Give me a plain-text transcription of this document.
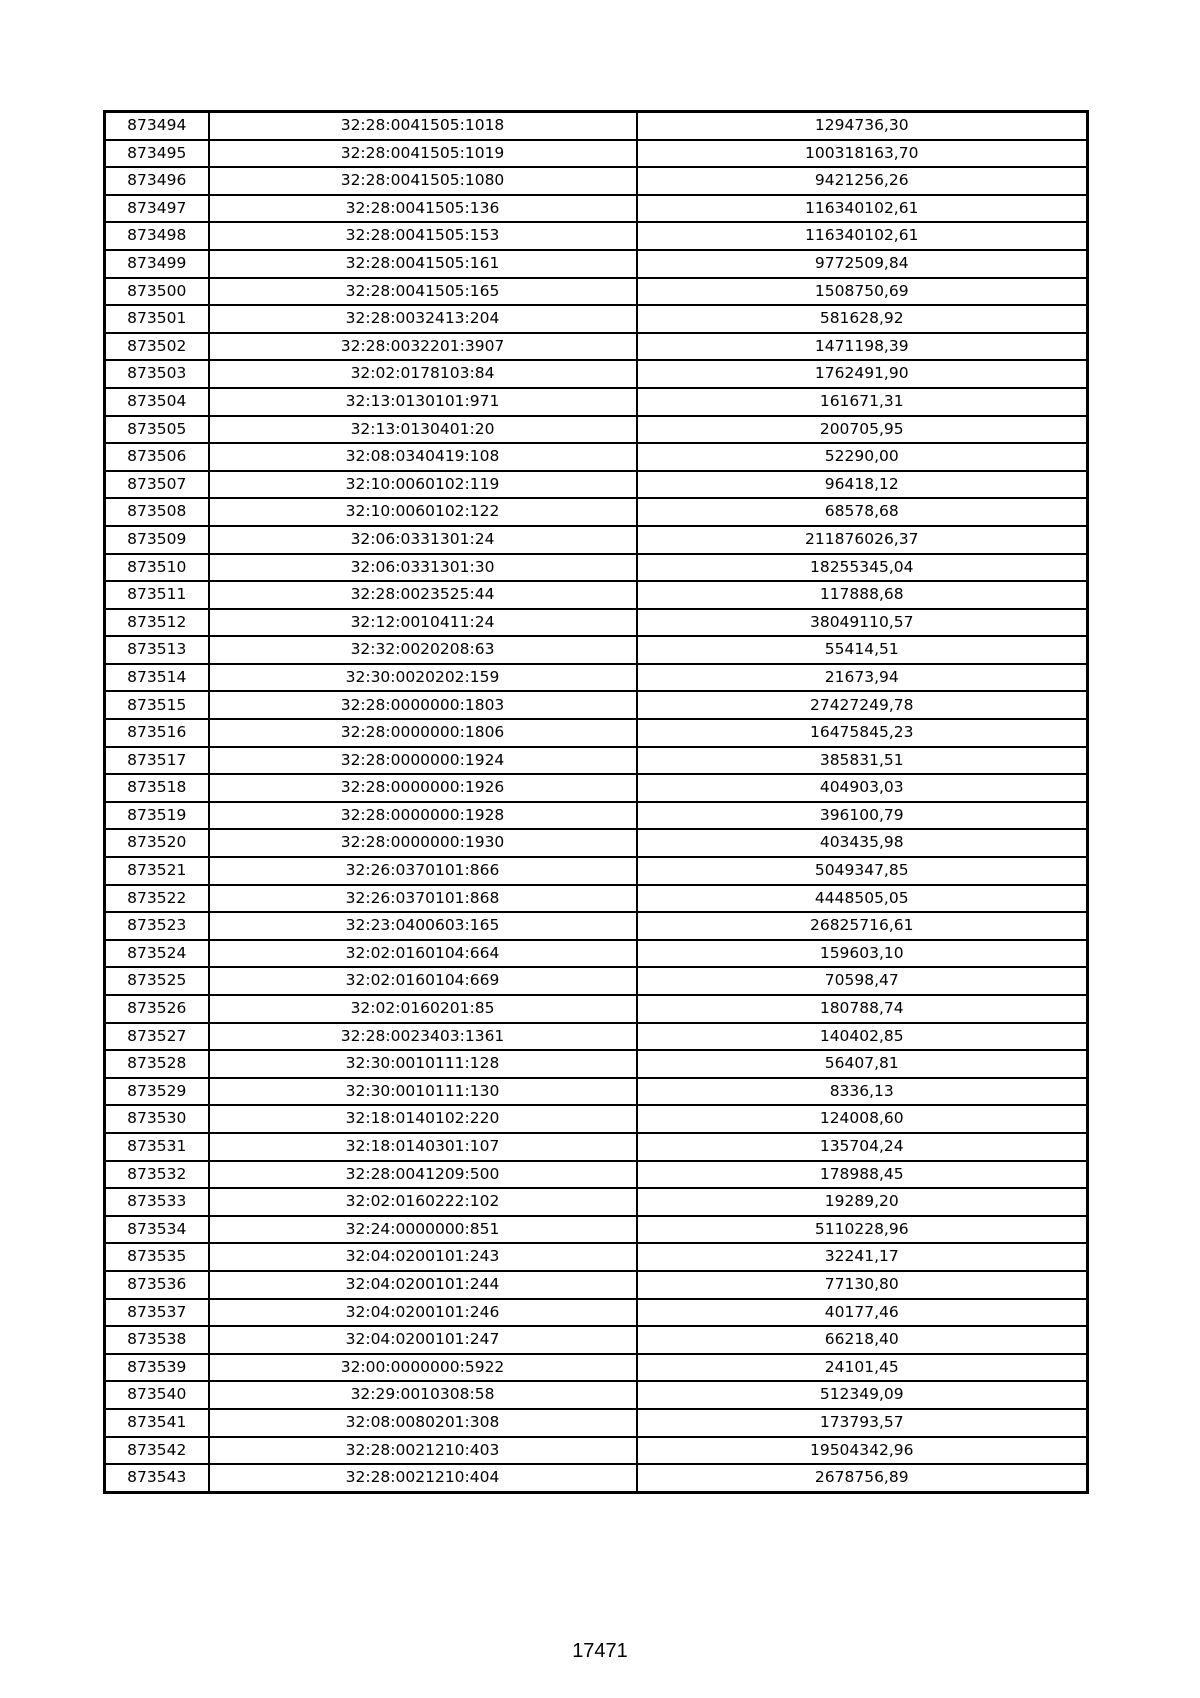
873494	32:28:0041505:1018	1294736,30
873495	32:28:0041505:1019	100318163,70
873496	32:28:0041505:1080	9421256,26
873497	32:28:0041505:136	116340102,61
873498	32:28:0041505:153	116340102,61
873499	32:28:0041505:161	9772509,84
873500	32:28:0041505:165	1508750,69
873501	32:28:0032413:204	581628,92
873502	32:28:0032201:3907	1471198,39
873503	32:02:0178103:84	1762491,90
873504	32:13:0130101:971	161671,31
873505	32:13:0130401:20	200705,95
873506	32:08:0340419:108	52290,00
873507	32:10:0060102:119	96418,12
873508	32:10:0060102:122	68578,68
873509	32:06:0331301:24	211876026,37
873510	32:06:0331301:30	18255345,04
873511	32:28:0023525:44	117888,68
873512	32:12:0010411:24	38049110,57
873513	32:32:0020208:63	55414,51
873514	32:30:0020202:159	21673,94
873515	32:28:0000000:1803	27427249,78
873516	32:28:0000000:1806	16475845,23
873517	32:28:0000000:1924	385831,51
873518	32:28:0000000:1926	404903,03
873519	32:28:0000000:1928	396100,79
873520	32:28:0000000:1930	403435,98
873521	32:26:0370101:866	5049347,85
873522	32:26:0370101:868	4448505,05
873523	32:23:0400603:165	26825716,61
873524	32:02:0160104:664	159603,10
873525	32:02:0160104:669	70598,47
873526	32:02:0160201:85	180788,74
873527	32:28:0023403:1361	140402,85
873528	32:30:0010111:128	56407,81
873529	32:30:0010111:130	8336,13
873530	32:18:0140102:220	124008,60
873531	32:18:0140301:107	135704,24
873532	32:28:0041209:500	178988,45
873533	32:02:0160222:102	19289,20
873534	32:24:0000000:851	5110228,96
873535	32:04:0200101:243	32241,17
873536	32:04:0200101:244	77130,80
873537	32:04:0200101:246	40177,46
873538	32:04:0200101:247	66218,40
873539	32:00:0000000:5922	24101,45
873540	32:29:0010308:58	512349,09
873541	32:08:0080201:308	173793,57
873542	32:28:0021210:403	19504342,96
873543	32:28:0021210:404	2678756,89
17471
